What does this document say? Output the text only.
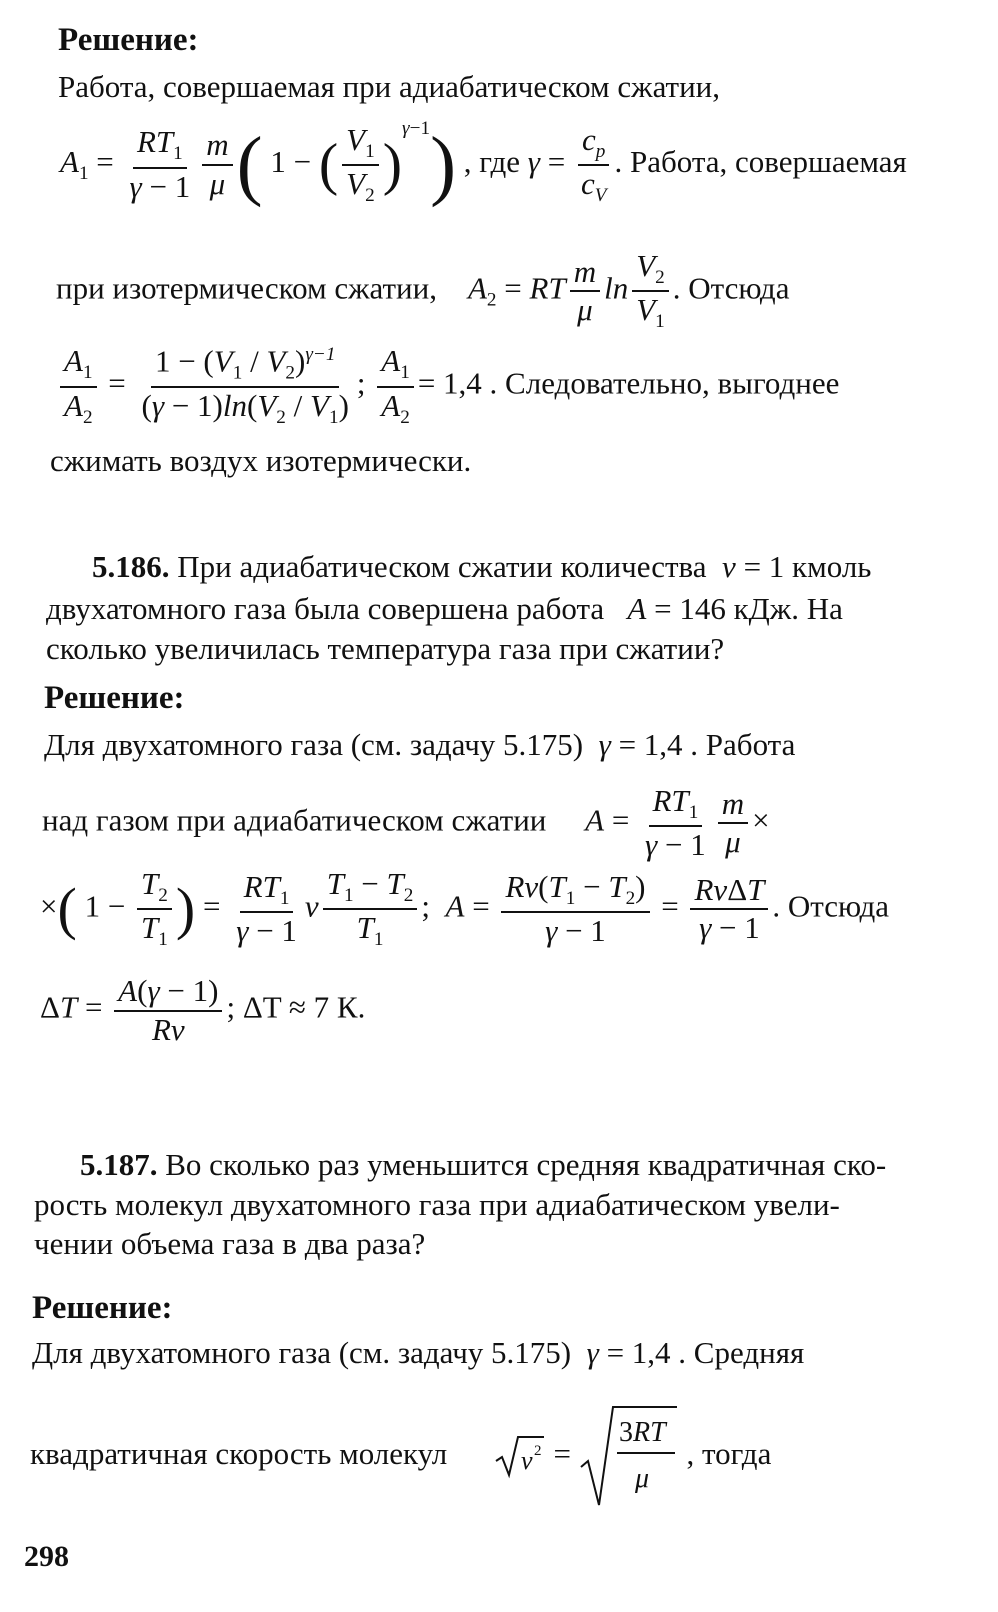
Решение:
Работа, совершаемая при адиабатическом сжатии,
$A_1 = \frac{RT_1}{\gamma - 1} \frac{m}{\mu}$ ( 1 − ( $\frac{V_1}{V_2} )^{\gamma-1}$) , где $\gamma = \frac{c_p}{c_V}$ . Работа, совершаемая
при изотермическом сжатии, $A_2$ = RT $\frac{m}{\mu}$ $\ln \frac{V_2}{V_1}$ . Отсюда
$\frac{A_1}{A_2} = \frac{1 - (V_1 / V_2)^{\gamma-1}}{(\gamma - 1)\ln(V_2 / V_1)}$ ; $\frac{A_1}{A_2} = 1,4$ . Следовательно, выгоднее
сжимать воздух изотермически.
5.186. При адиабатическом сжатии количества ν = 1 кмоль
двухатомного газа была совершена работа A = 146 кДж. На
сколько увеличилась температура газа при сжатии?
Решение:
Для двухатомного газа (см. задачу 5.175) γ = 1,4 . Работа
над газом при адиабатическом сжатии $A = \frac{RT_1}{\gamma - 1} \frac{m}{\mu}$ ×
×( $1 - \frac{T_2}{T_1}$ ) = $\frac{RT_1}{\gamma - 1}$ ν $\frac{T_1 - T_2}{T_1}$ ;  $A = \frac{R\nu(T_1 - T_2)}{\gamma - 1} = \frac{\text{RνΔT}}{\gamma - 1}$ . Отсюда
$\Delta T = \frac{A(\gamma - 1)}{R\nu}$ ; ΔT ≈ 7 К.
5.187. Во сколько раз уменьшится средняя квадратичная ско-
рость молекул двухатомного газа при адиабатическом увели-
чении объема газа в два раза?
Решение:
Для двухатомного газа (см. задачу 5.175) γ = 1,4 . Средняя
квадратичная скорость молекул	v 2 =
3RT
μ
, тогда
298
